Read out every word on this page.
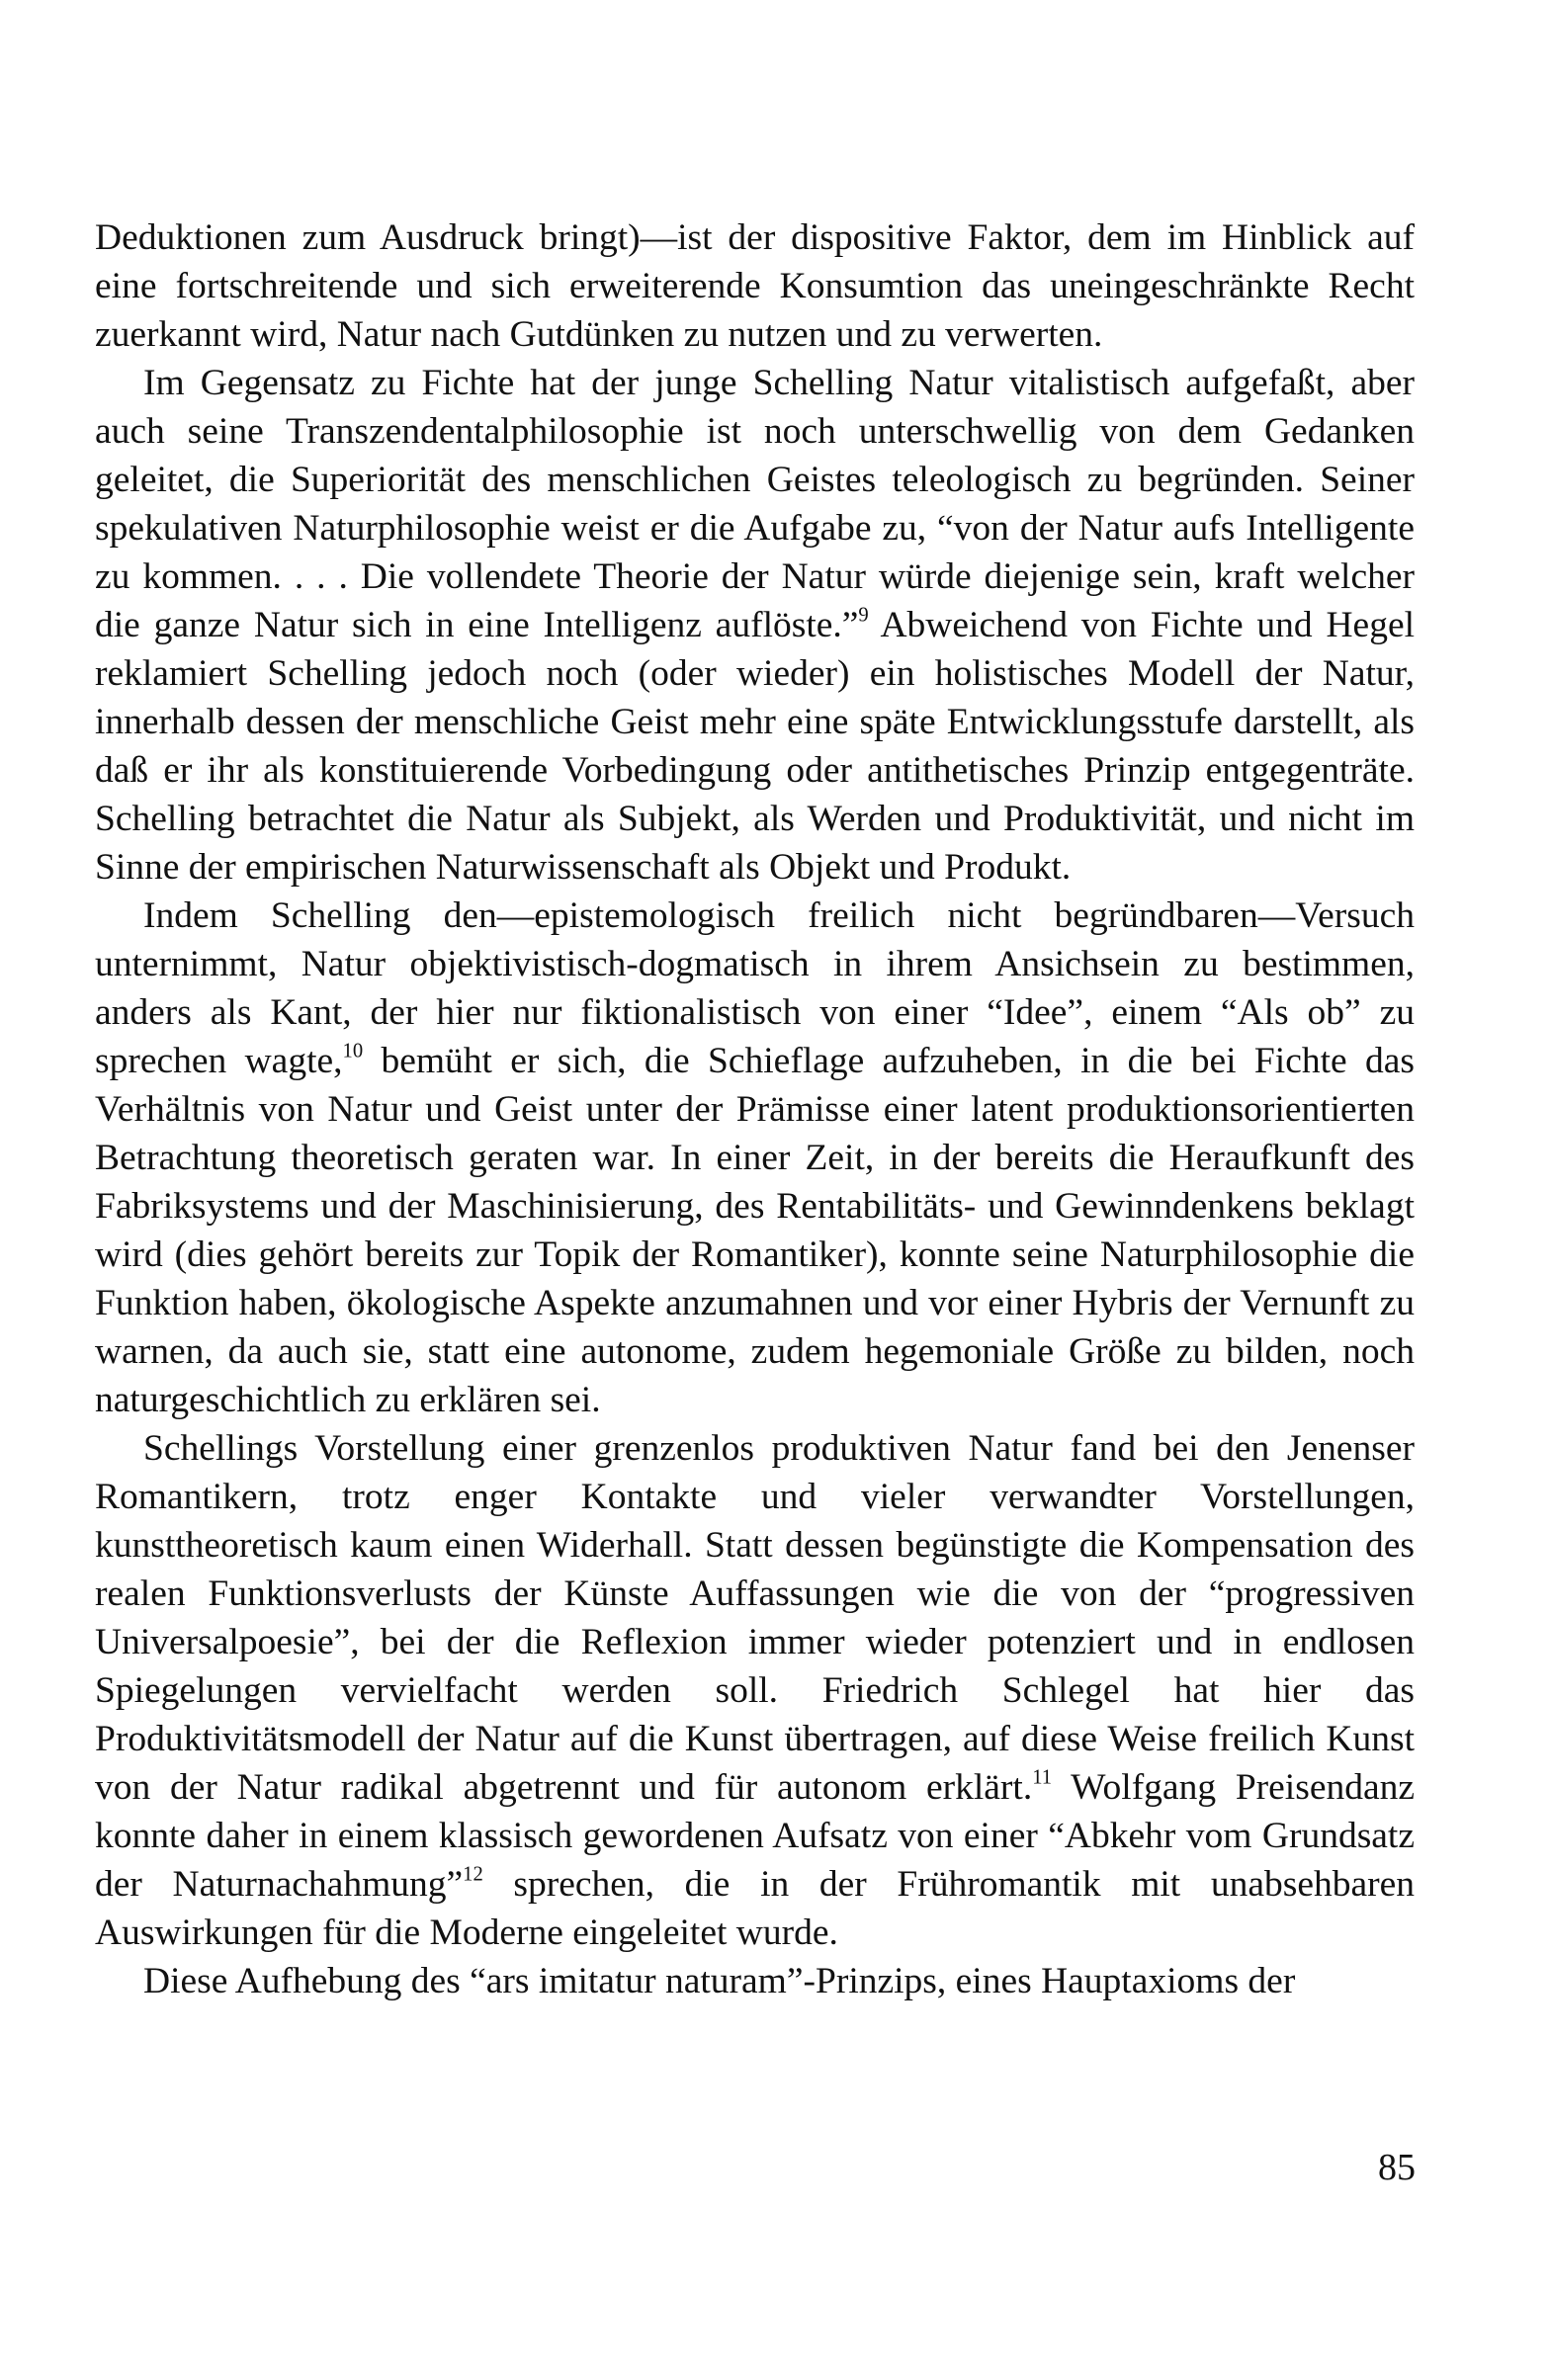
Deduktionen zum Ausdruck bringt)—ist der dispositive Faktor, dem im Hinblick auf eine fortschreitende und sich erweiterende Konsumtion das uneingeschränkte Recht zuerkannt wird, Natur nach Gutdünken zu nutzen und zu verwerten.

Im Gegensatz zu Fichte hat der junge Schelling Natur vitalistisch aufgefaßt, aber auch seine Transzendentalphilosophie ist noch unterschwellig von dem Gedanken geleitet, die Superiorität des menschlichen Geistes teleologisch zu begründen. Seiner spekulativen Naturphilosophie weist er die Aufgabe zu, “von der Natur aufs Intelligente zu kommen. . . . Die vollendete Theorie der Natur würde diejenige sein, kraft welcher die ganze Natur sich in eine Intelligenz auflöste.”$^9$ Abweichend von Fichte und Hegel reklamiert Schelling jedoch noch (oder wieder) ein holistisches Modell der Natur, innerhalb dessen der menschliche Geist mehr eine späte Entwicklungsstufe darstellt, als daß er ihr als konstituierende Vorbedingung oder antithetisches Prinzip entgegenträte. Schelling betrachtet die Natur als Subjekt, als Werden und Produktivität, und nicht im Sinne der empirischen Naturwissenschaft als Objekt und Produkt.

Indem Schelling den—epistemologisch freilich nicht begründbaren—Versuch unternimmt, Natur objektivistisch-dogmatisch in ihrem Ansichsein zu bestimmen, anders als Kant, der hier nur fiktionalistisch von einer “Idee”, einem “Als ob” zu sprechen wagte,$^{10}$ bemüht er sich, die Schieflage aufzuheben, in die bei Fichte das Verhältnis von Natur und Geist unter der Prämisse einer latent produktionsorientierten Betrachtung theoretisch geraten war. In einer Zeit, in der bereits die Heraufkunft des Fabriksystems und der Maschinisierung, des Rentabilitäts- und Gewinndenkens beklagt wird (dies gehört bereits zur Topik der Romantiker), konnte seine Naturphilosophie die Funktion haben, ökologische Aspekte anzumahnen und vor einer Hybris der Vernunft zu warnen, da auch sie, statt eine autonome, zudem hegemoniale Größe zu bilden, noch naturgeschichtlich zu erklären sei.

Schellings Vorstellung einer grenzenlos produktiven Natur fand bei den Jenenser Romantikern, trotz enger Kontakte und vieler verwandter Vorstellungen, kunsttheoretisch kaum einen Widerhall. Statt dessen begünstigte die Kompensation des realen Funktionsverlusts der Künste Auffassungen wie die von der “progressiven Universalpoesie”, bei der die Reflexion immer wieder potenziert und in endlosen Spiegelungen vervielfacht werden soll. Friedrich Schlegel hat hier das Produktivitätsmodell der Natur auf die Kunst übertragen, auf diese Weise freilich Kunst von der Natur radikal abgetrennt und für autonom erklärt.$^{11}$ Wolfgang Preisendanz konnte daher in einem klassisch gewordenen Aufsatz von einer “Abkehr vom Grundsatz der Naturnachahmung”$^{12}$ sprechen, die in der Frühromantik mit unabsehbaren Auswirkungen für die Moderne eingeleitet wurde.

Diese Aufhebung des “ars imitatur naturam”-Prinzips, eines Hauptaxioms der

85
